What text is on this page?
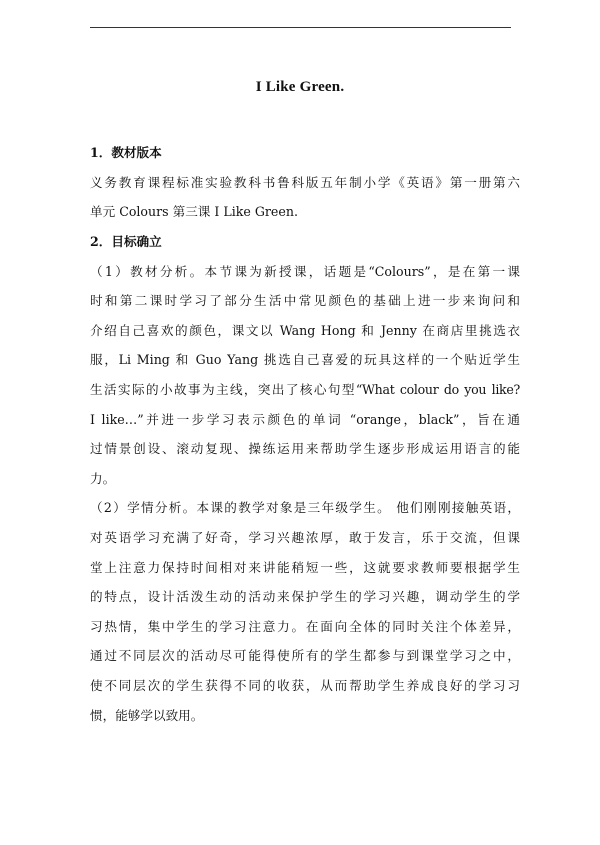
I Like Green.
1．教材版本
义务教育课程标准实验教科书鲁科版五年制小学《英语》第一册第六
单元 Colours 第三课 I Like Green.
2．目标确立
（1）教材分析。本节课为新授课，话题是“Colours”，是在第一课
时和第二课时学习了部分生活中常见颜色的基础上进一步来询问和
介绍自己喜欢的颜色，课文以 Wang Hong 和 Jenny 在商店里挑选衣
服，Li Ming 和 Guo Yang 挑选自己喜爱的玩具这样的一个贴近学生
生活实际的小故事为主线，突出了核心句型“What colour do you like?
I like…”并进一步学习表示颜色的单词 “orange，black”，旨在通
过情景创设、滚动复现、操练运用来帮助学生逐步形成运用语言的能
力。
（2）学情分析。本课的教学对象是三年级学生。 他们刚刚接触英语，
对英语学习充满了好奇，学习兴趣浓厚，敢于发言，乐于交流，但课
堂上注意力保持时间相对来讲能稍短一些，这就要求教师要根据学生
的特点，设计活泼生动的活动来保护学生的学习兴趣，调动学生的学
习热情，集中学生的学习注意力。在面向全体的同时关注个体差异，
通过不同层次的活动尽可能得使所有的学生都参与到课堂学习之中，
使不同层次的学生获得不同的收获，从而帮助学生养成良好的学习习
惯，能够学以致用。
